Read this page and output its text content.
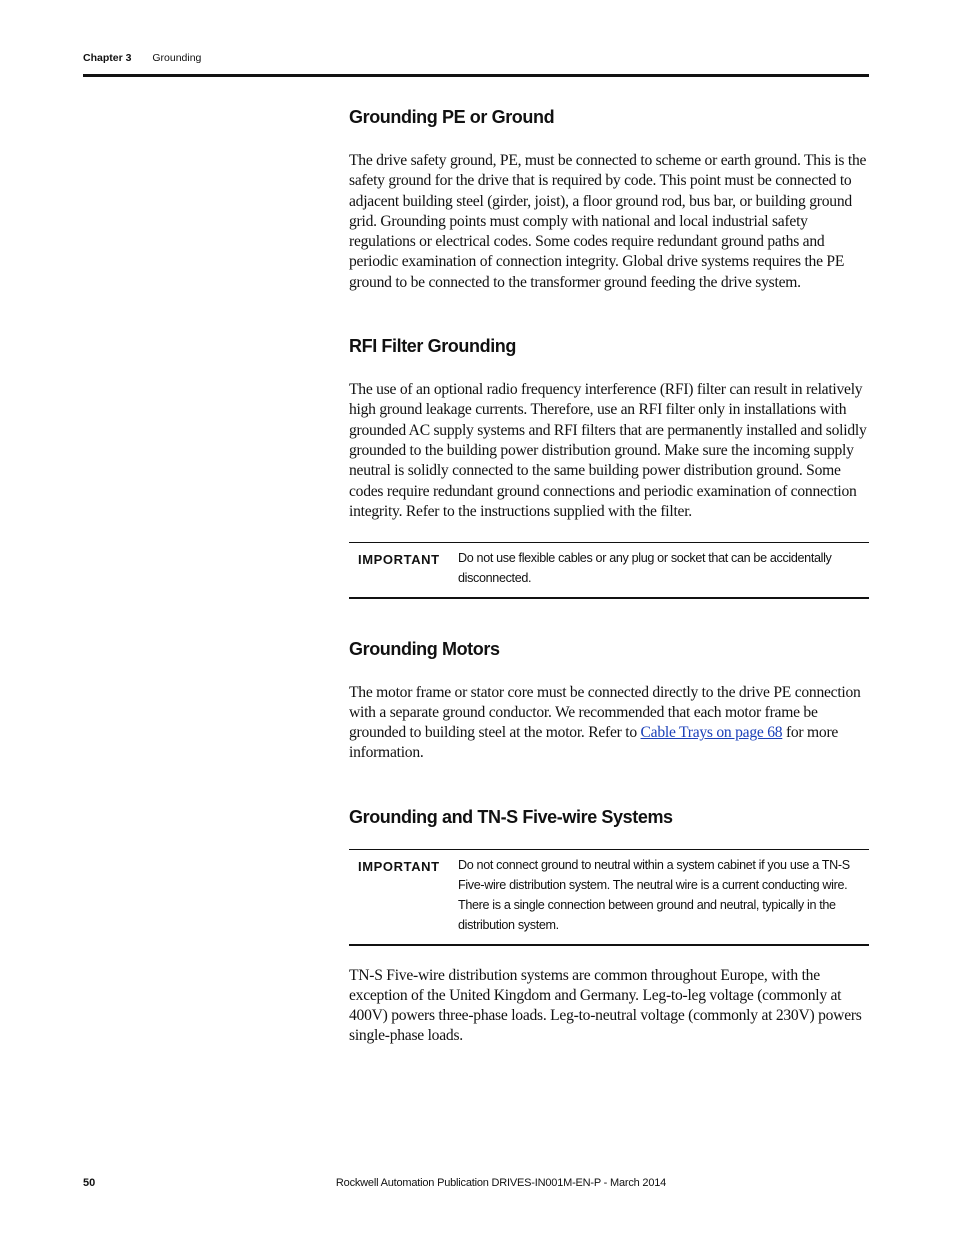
Chapter 3 Grounding
Grounding PE or Ground

The drive safety ground, PE, must be connected to scheme or earth ground. This is the safety ground for the drive that is required by code. This point must be connected to adjacent building steel (girder, joist), a floor ground rod, bus bar, or building ground grid. Grounding points must comply with national and local industrial safety regulations or electrical codes. Some codes require redundant ground paths and periodic examination of connection integrity. Global drive systems requires the PE ground to be connected to the transformer ground feeding the drive system.

RFI Filter Grounding

The use of an optional radio frequency interference (RFI) filter can result in relatively high ground leakage currents. Therefore, use an RFI filter only in installations with grounded AC supply systems and RFI filters that are permanently installed and solidly grounded to the building power distribution ground. Make sure the incoming supply neutral is solidly connected to the same building power distribution ground. Some codes require redundant ground connections and periodic examination of connection integrity. Refer to the instructions supplied with the filter.

IMPORTANT	Do not use flexible cables or any plug or socket that can be accidentally disconnected.
Grounding Motors

The motor frame or stator core must be connected directly to the drive PE connection with a separate ground conductor. We recommended that each motor frame be grounded to building steel at the motor. Refer to Cable Trays on page 68 for more information.

Grounding and TN-S Five-wire Systems
IMPORTANT	Do not connect ground to neutral within a system cabinet if you use a TN-S Five-wire distribution system. The neutral wire is a current conducting wire. There is a single connection between ground and neutral, typically in the distribution system.

TN-S Five-wire distribution systems are common throughout Europe, with the exception of the United Kingdom and Germany. Leg-to-leg voltage (commonly at 400V) powers three-phase loads. Leg-to-neutral voltage (commonly at 230V) powers single-phase loads.

50	Rockwell Automation Publication DRIVES-IN001M-EN-P - March 2014
